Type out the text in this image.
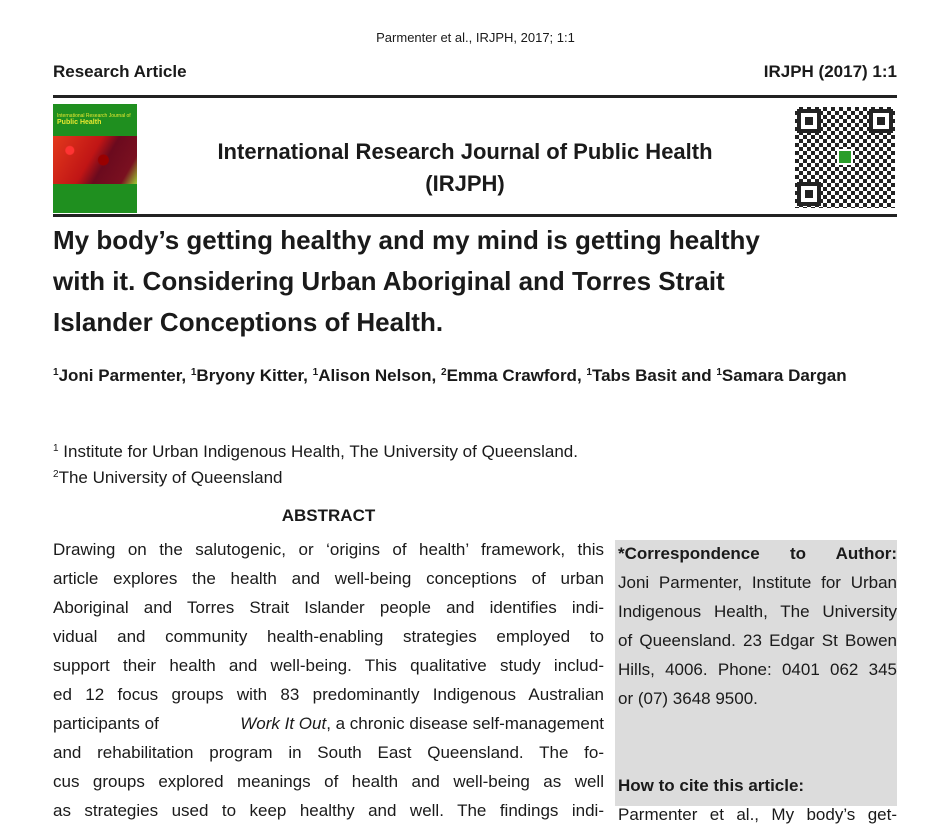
Parmenter et al., IRJPH, 2017; 1:1
Research Article	IRJPH (2017) 1:1
International Research Journal of
Public Health
International Research Journal of Public Health
(IRJPH)
My body’s getting healthy and my mind is getting healthy
with it. Considering Urban Aboriginal and Torres Strait
Islander Conceptions of Health.
$^1$Joni Parmenter, $^1$Bryony Kitter, $^1$Alison Nelson, $^2$Emma Crawford, $^1$Tabs Basit and $^1$Samara Dargan
$^1$ Institute for Urban Indigenous Health, The University of Queensland.
$^2$The University of Queensland
ABSTRACT
Drawing on the salutogenic, or ‘origins of health’ framework, this
article explores the health and well-being conceptions of urban
Aboriginal and Torres Strait Islander people and identifies indi-
vidual and community health-enabling strategies employed to
support their health and well-being. This qualitative study includ-
ed 12 focus groups with 83 predominantly Indigenous Australian
participants of	Work It Out, a chronic disease self-management
and rehabilitation program in South East Queensland. The fo-
cus groups explored meanings of health and well-being as well
as strategies used to keep healthy and well. The findings indi-
*Correspondence to Author:
Joni Parmenter, Institute for Urban
Indigenous Health, The University
of Queensland. 23 Edgar St Bowen
Hills, 4006. Phone: 0401 062 345
or (07) 3648 9500.
How to cite this article:
Parmenter et al., My body’s get-
